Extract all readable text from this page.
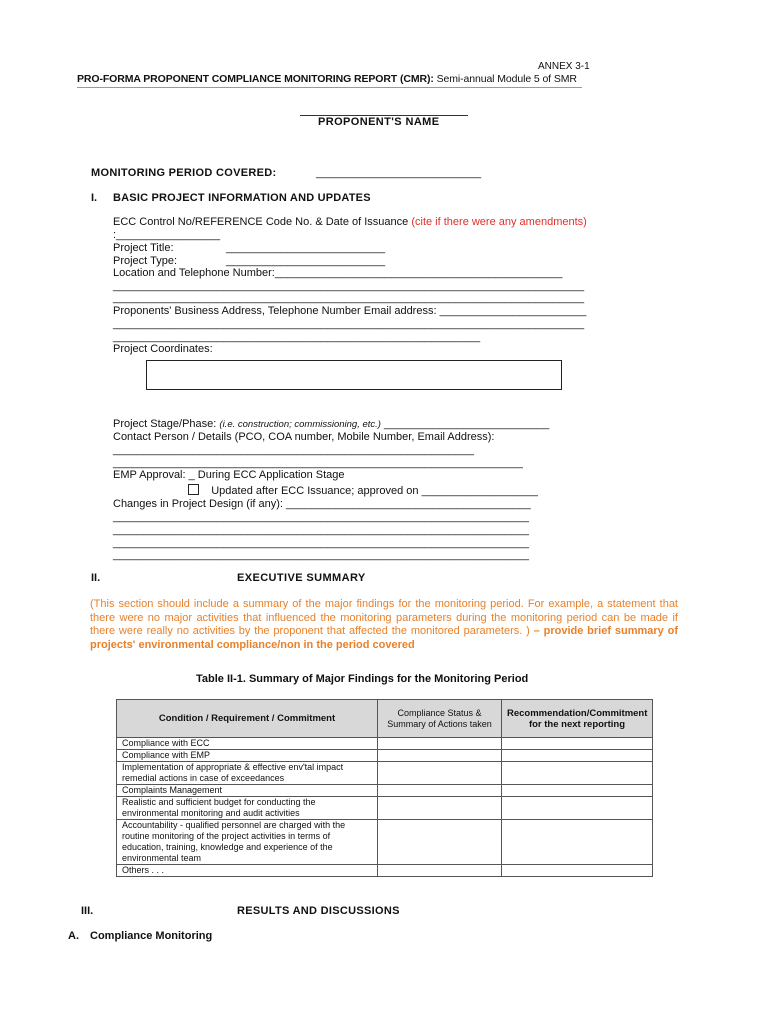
ANNEX 3-1
PRO-FORMA PROPONENT COMPLIANCE MONITORING REPORT (CMR): Semi-annual Module 5 of SMR
PROPONENT'S NAME
MONITORING PERIOD COVERED:	___________________________
I. BASIC PROJECT INFORMATION AND UPDATES
ECC Control No/REFERENCE Code No. & Date of Issuance (cite if there were any amendments)
:_________________
Project Title:	__________________________
Project Type:	__________________________
Location and Telephone Number:_______________________________________________
_____________________________________________________________________________
_____________________________________________________________________________
Proponents' Business Address, Telephone Number Email address: ________________________
_____________________________________________________________________________
____________________________________________________________
Project Coordinates:
Project Stage/Phase: (i.e. construction; commissioning, etc.) ___________________________
Contact Person / Details (PCO, COA number, Mobile Number, Email Address):
___________________________________________________________
___________________________________________________________________
EMP Approval: _ During ECC Application Stage
Updated after ECC Issuance; approved on ___________________
Changes in Project Design (if any): ________________________________________
____________________________________________________________________
____________________________________________________________________
____________________________________________________________________
____________________________________________________________________
II.	EXECUTIVE SUMMARY
(This section should include a summary of the major findings for the monitoring period. For example, a statement that there were no major activities that influenced the monitoring parameters during the monitoring period can be made if there were really no activities by the proponent that affected the monitored parameters. ) – provide brief summary of projects' environmental compliance/non in the period covered
Table II-1. Summary of Major Findings for the Monitoring Period
Condition / Requirement / Commitment	Compliance Status & Summary of Actions taken	Recommendation/Commitment for the next reporting
Compliance with ECC		
Compliance with EMP		
Implementation of appropriate & effective env'tal impact remedial actions in case of exceedances		
Complaints Management		
Realistic and sufficient budget for conducting the environmental monitoring and audit activities		
Accountability - qualified personnel are charged with the routine monitoring of the project activities in terms of education, training, knowledge and experience of the environmental team		
Others . . .		
III.	RESULTS AND DISCUSSIONS
A. Compliance Monitoring
